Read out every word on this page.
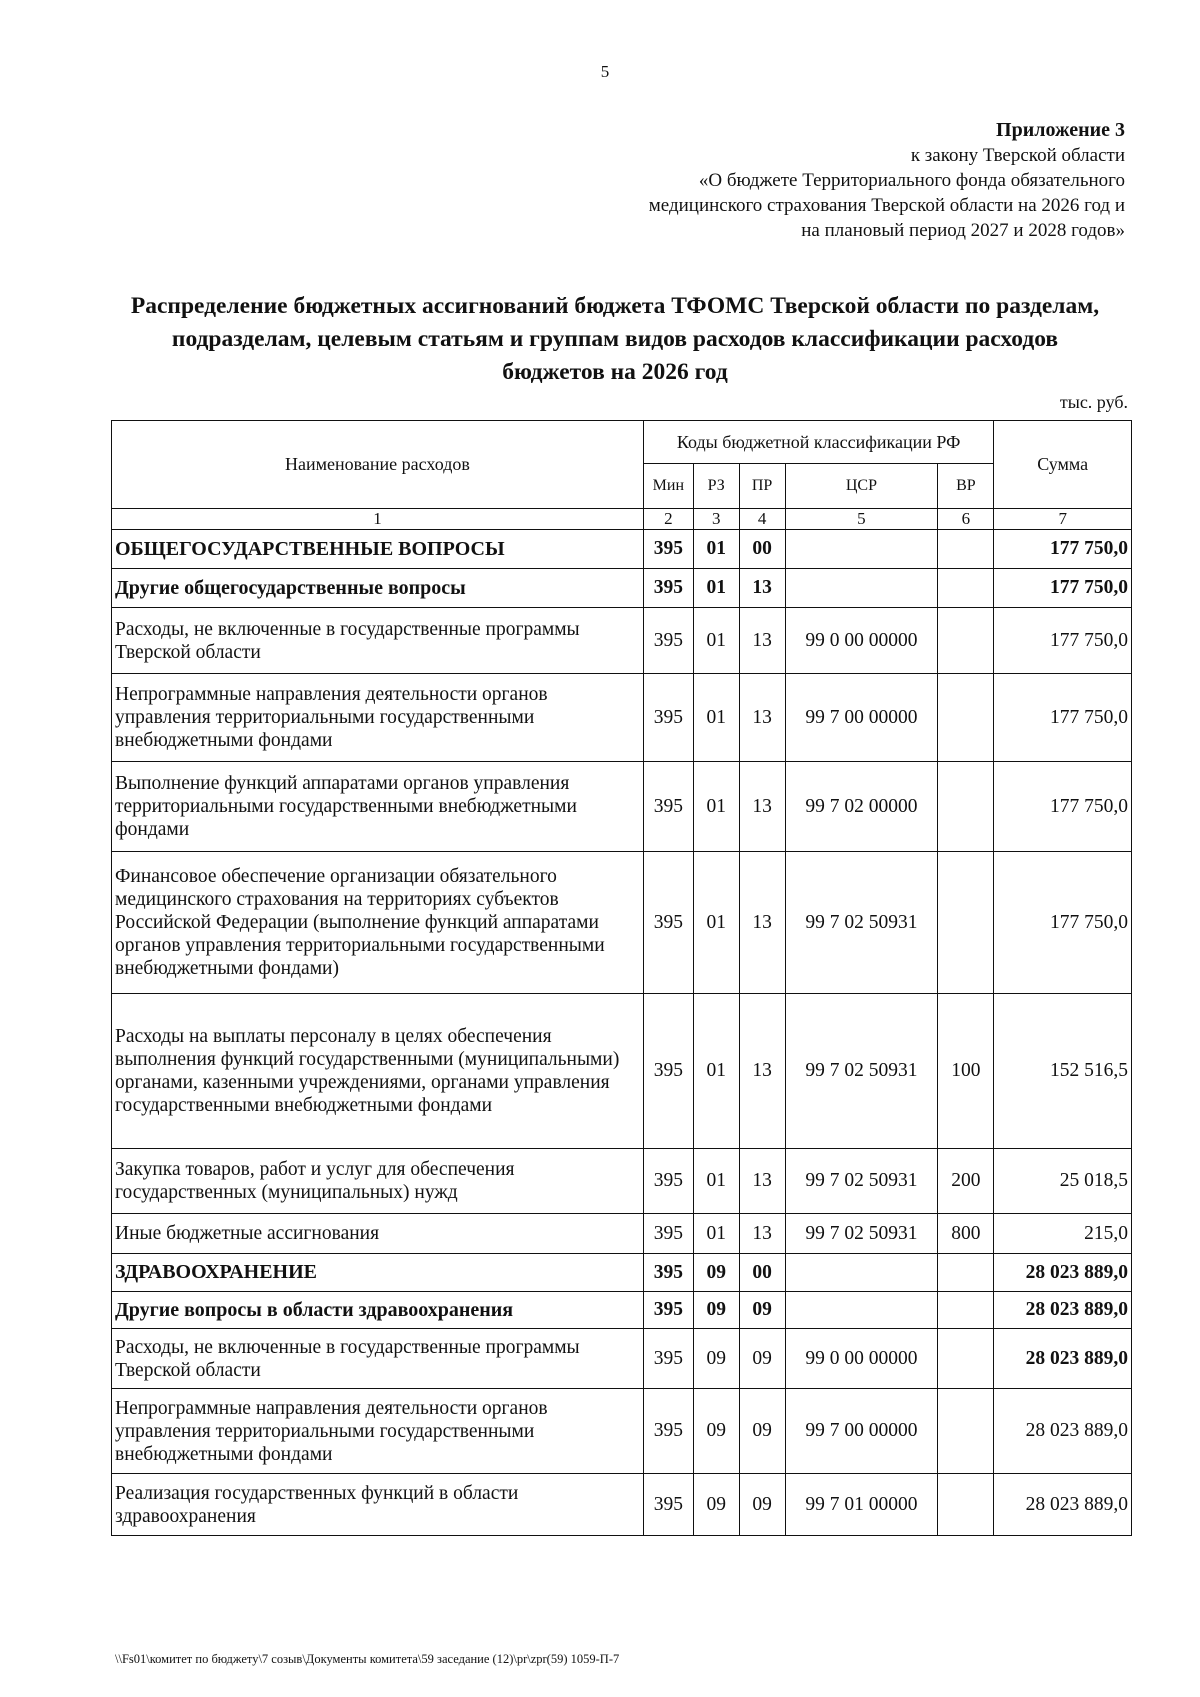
5
Приложение 3
к закону Тверской области
«О бюджете Территориального фонда обязательного
медицинского страхования Тверской области на 2026 год и
на плановый период 2027 и 2028 годов»
Распределение бюджетных ассигнований бюджета ТФОМС Тверской области по разделам,
подразделам, целевым статьям и группам видов расходов классификации расходов
бюджетов на 2026 год
тыс. руб.
Наименование расходов	Коды бюджетной классификации РФ					Сумма
	Мин	РЗ	ПР	ЦСР	ВР	
1	2	3	4	5	6	7
ОБЩЕГОСУДАРСТВЕННЫЕ ВОПРОСЫ	395	01	00			177 750,0
Другие общегосударственные вопросы	395	01	13			177 750,0
Расходы, не включенные в государственные программы Тверской области	395	01	13	99 0 00 00000		177 750,0
Непрограммные направления деятельности органов управления территориальными государственными внебюджетными фондами	395	01	13	99 7 00 00000		177 750,0
Выполнение функций аппаратами органов управления территориальными государственными внебюджетными фондами	395	01	13	99 7 02 00000		177 750,0
Финансовое обеспечение организации обязательного медицинского страхования на территориях субъектов Российской Федерации (выполнение функций аппаратами органов управления территориальными государственными внебюджетными фондами)	395	01	13	99 7 02 50931		177 750,0
Расходы на выплаты персоналу в целях обеспечения выполнения функций государственными (муниципальными) органами, казенными учреждениями, органами управления государственными внебюджетными фондами	395	01	13	99 7 02 50931	100	152 516,5
Закупка товаров, работ и услуг для обеспечения государственных (муниципальных) нужд	395	01	13	99 7 02 50931	200	25 018,5
Иные бюджетные ассигнования	395	01	13	99 7 02 50931	800	215,0
ЗДРАВООХРАНЕНИЕ	395	09	00			28 023 889,0
Другие вопросы в области здравоохранения	395	09	09			28 023 889,0
Расходы, не включенные в государственные программы Тверской области	395	09	09	99 0 00 00000		28 023 889,0
Непрограммные направления деятельности органов управления территориальными государственными внебюджетными фондами	395	09	09	99 7 00 00000		28 023 889,0
Реализация государственных функций в области здравоохранения	395	09	09	99 7 01 00000		28 023 889,0
\\Fs01\комитет по бюджету\7 созыв\Документы комитета\59 заседание (12)\pr\zpr(59) 1059-П-7
